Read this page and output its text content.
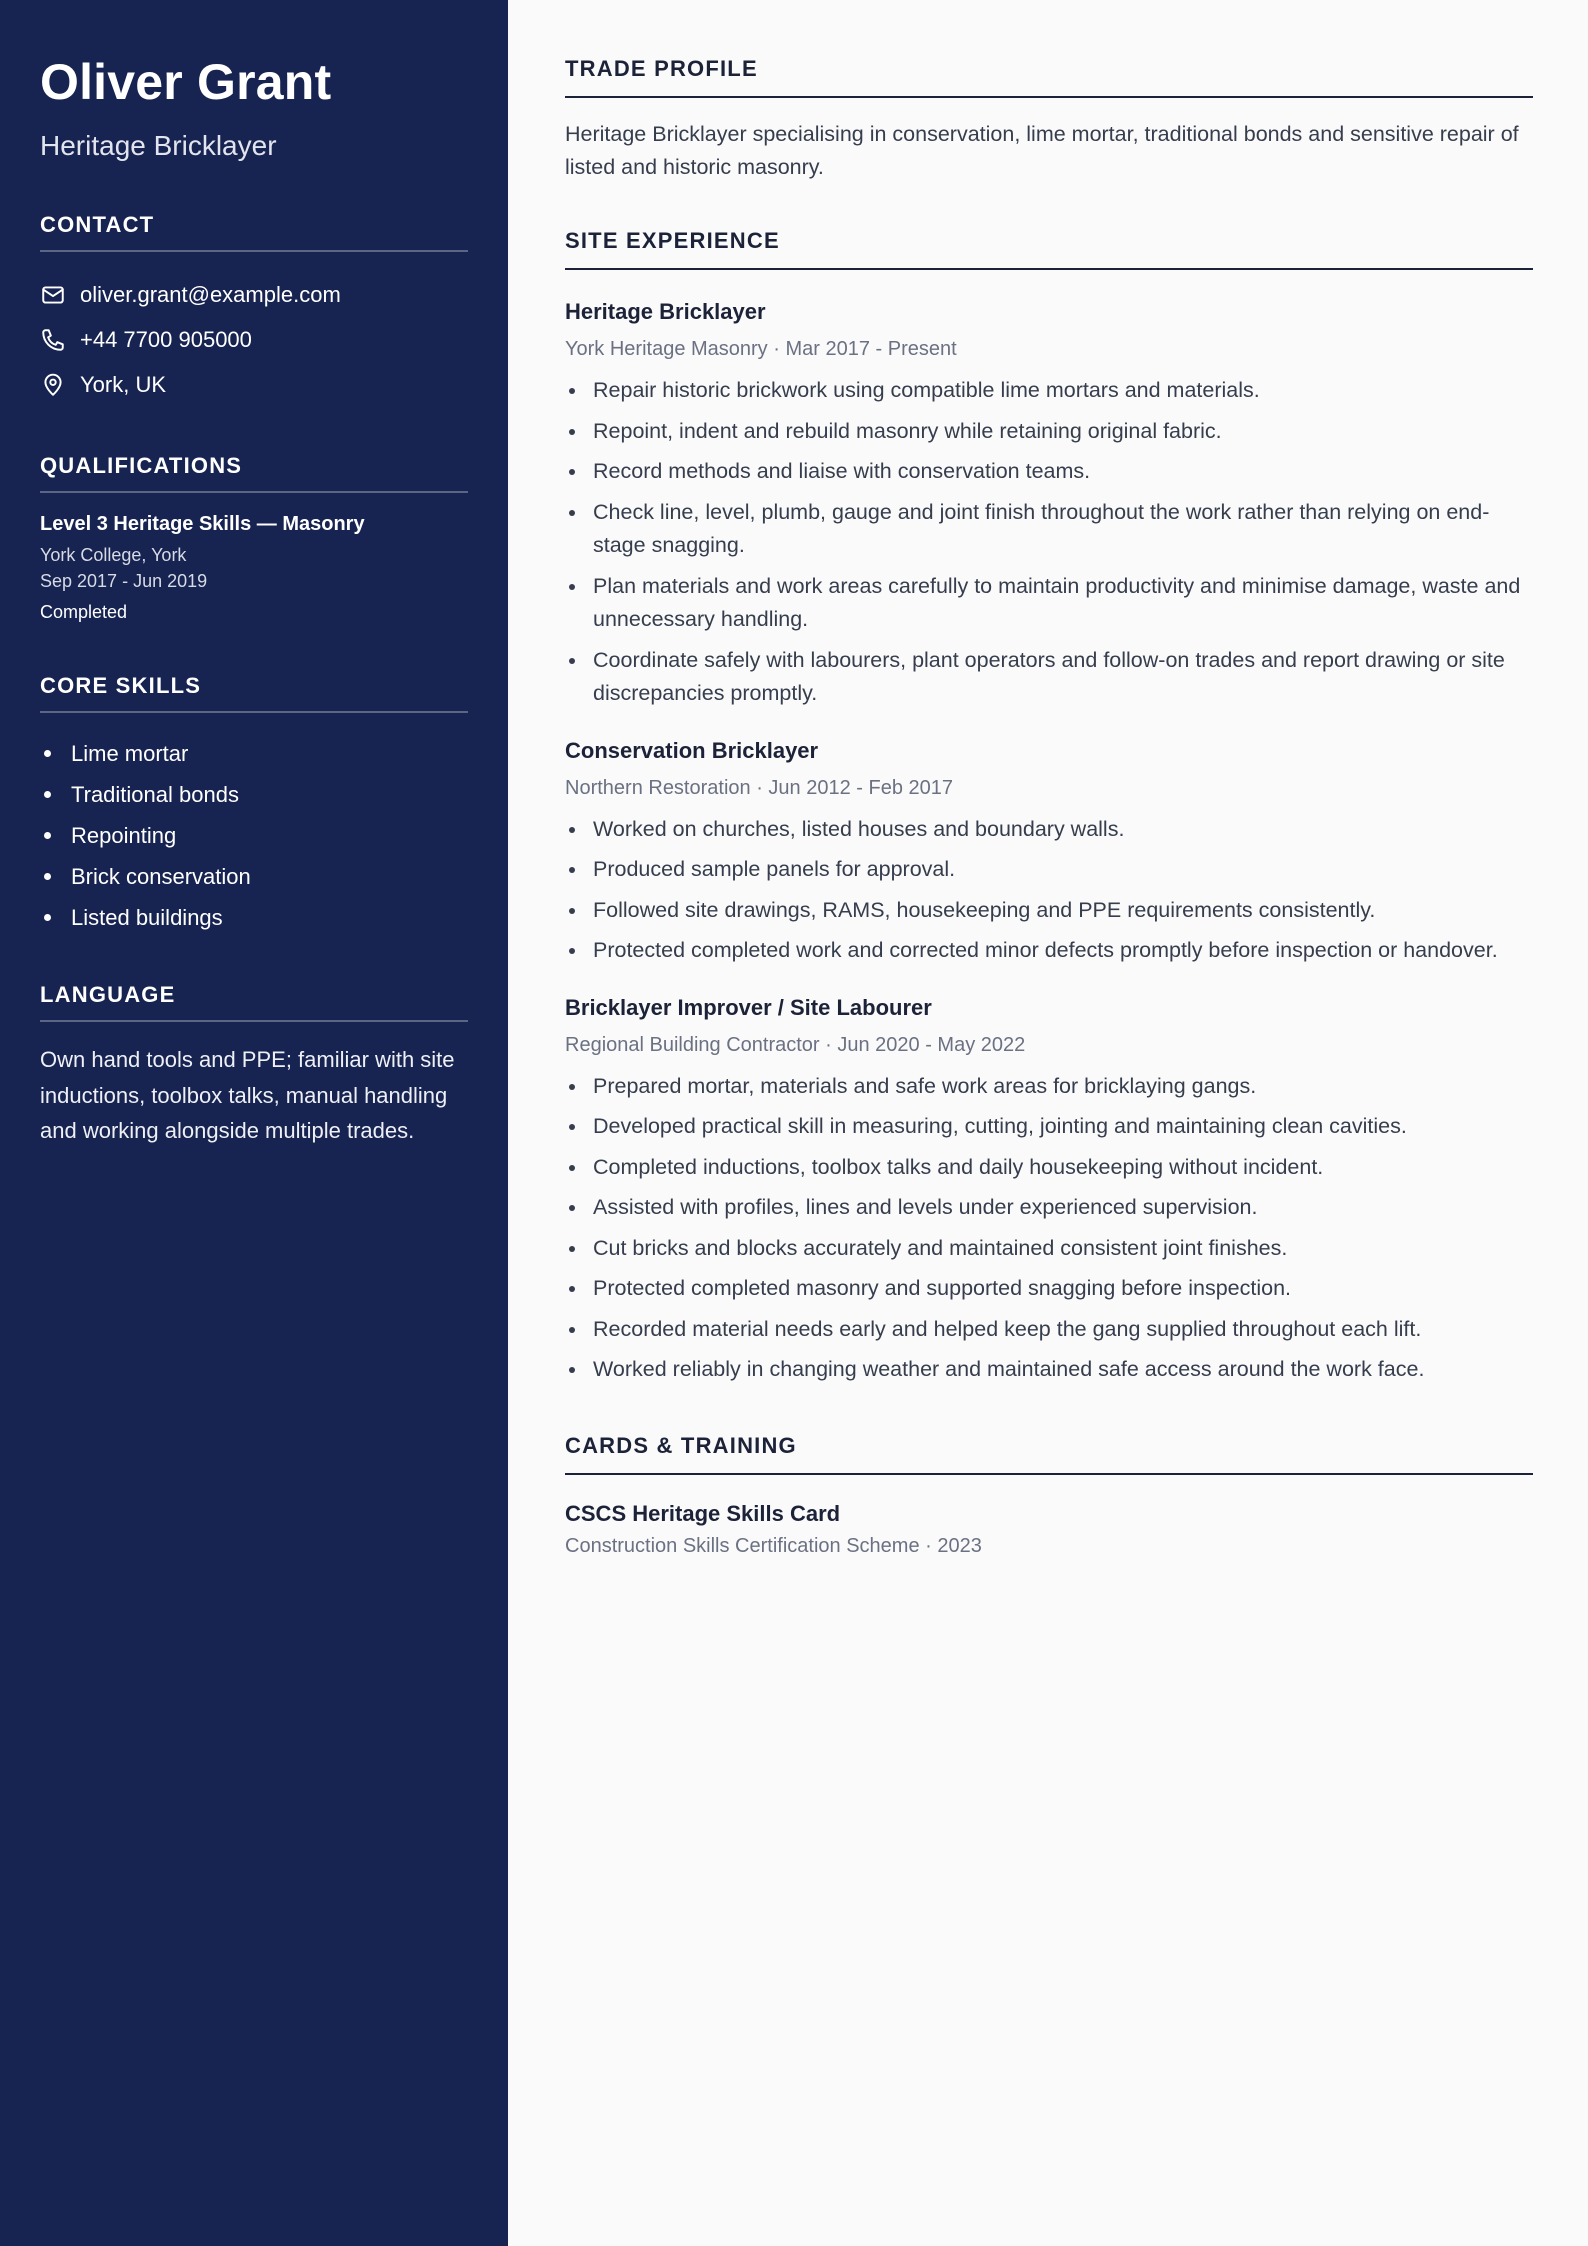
Oliver Grant
Heritage Bricklayer
CONTACT
oliver.grant@example.com
+44 7700 905000
York, UK
QUALIFICATIONS
Level 3 Heritage Skills — Masonry
York College, York
Sep 2017 - Jun 2019
Completed
CORE SKILLS
Lime mortar
Traditional bonds
Repointing
Brick conservation
Listed buildings
LANGUAGE

Own hand tools and PPE; familiar with site inductions, toolbox talks, manual handling and working alongside multiple trades.

TRADE PROFILE

Heritage Bricklayer specialising in conservation, lime mortar, traditional bonds and sensitive repair of listed and historic masonry.

SITE EXPERIENCE
Heritage Bricklayer
York Heritage Masonry · Mar 2017 - Present
Repair historic brickwork using compatible lime mortars and materials.
Repoint, indent and rebuild masonry while retaining original fabric.
Record methods and liaise with conservation teams.
Check line, level, plumb, gauge and joint finish throughout the work rather than relying on end-stage snagging.
Plan materials and work areas carefully to maintain productivity and minimise damage, waste and unnecessary handling.
Coordinate safely with labourers, plant operators and follow-on trades and report drawing or site discrepancies promptly.
Conservation Bricklayer
Northern Restoration · Jun 2012 - Feb 2017
Worked on churches, listed houses and boundary walls.
Produced sample panels for approval.
Followed site drawings, RAMS, housekeeping and PPE requirements consistently.
Protected completed work and corrected minor defects promptly before inspection or handover.
Bricklayer Improver / Site Labourer
Regional Building Contractor · Jun 2020 - May 2022
Prepared mortar, materials and safe work areas for bricklaying gangs.
Developed practical skill in measuring, cutting, jointing and maintaining clean cavities.
Completed inductions, toolbox talks and daily housekeeping without incident.
Assisted with profiles, lines and levels under experienced supervision.
Cut bricks and blocks accurately and maintained consistent joint finishes.
Protected completed masonry and supported snagging before inspection.
Recorded material needs early and helped keep the gang supplied throughout each lift.
Worked reliably in changing weather and maintained safe access around the work face.
CARDS & TRAINING
CSCS Heritage Skills Card
Construction Skills Certification Scheme · 2023
